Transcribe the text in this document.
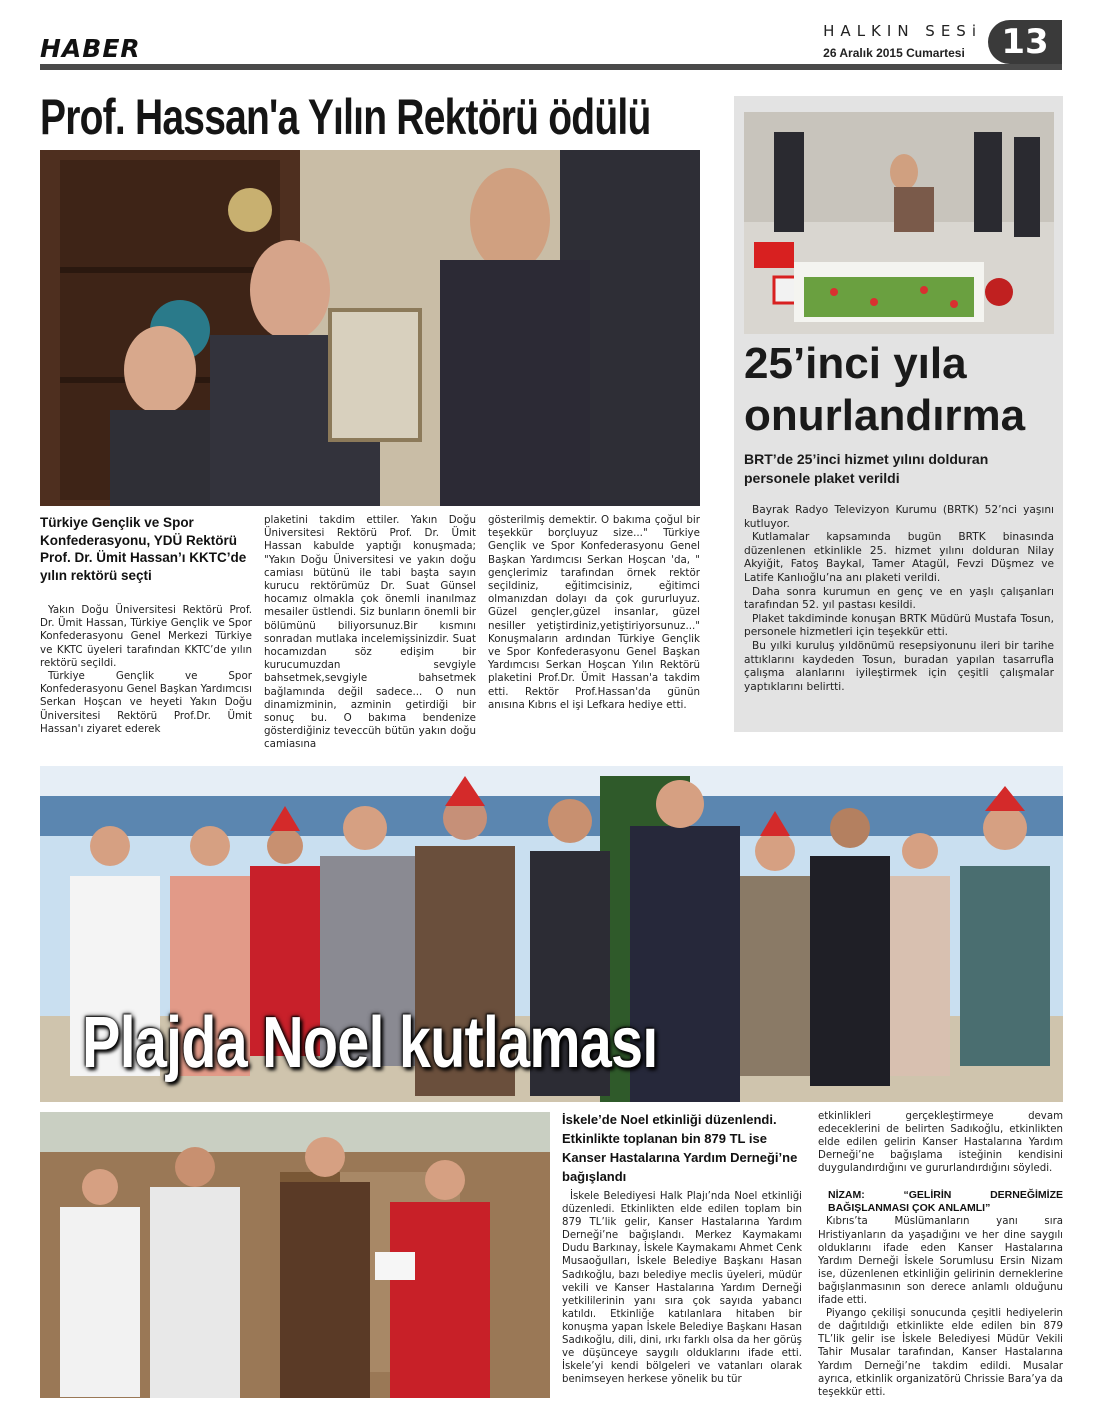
HABER
HALKIN SESi
26 Aralık 2015 Cumartesi	13
Prof. Hassan'a Yılın Rektörü ödülü
Türkiye Gençlik ve Spor Konfederasyonu, YDÜ Rektörü Prof. Dr. Ümit Hassan’ı KKTC’de yılın rektörü seçti

Yakın Doğu Üniversitesi Rektörü Prof. Dr. Ümit Hassan, Türkiye Gençlik ve Spor Konfederasyonu Genel Merkezi Türkiye ve KKTC üyeleri tarafından KKTC’de yılın rektörü seçildi.

Türkiye Gençlik ve Spor Konfederasyonu Genel Başkan Yardımcısı Serkan Hoşcan ve heyeti Yakın Doğu Üniversitesi Rektörü Prof.Dr. Ümit Hassan'ı ziyaret ederek

plaketini takdim ettiler. Yakın Doğu Üniversitesi Rektörü Prof. Dr. Ümit Hassan kabulde yaptığı konuşmada; "Yakın Doğu Üniversitesi ve yakın doğu camiası bütünü ile tabi başta sayın kurucu rektörümüz Dr. Suat Günsel hocamız olmakla çok önemli inanılmaz mesailer üstlendi. Siz bunların önemli bir bölümünü biliyorsunuz.Bir kısmını sonradan mutlaka incelemişsinizdir. Suat hocamızdan söz edişim bir kurucumuzdan sevgiyle bahsetmek,sevgiyle bahsetmek bağlamında değil sadece... O nun dinamizminin, azminin getirdiği bir sonuç bu. O bakıma bendenize gösterdiğiniz teveccüh bütün yakın doğu camiasına

gösterilmiş demektir. O bakıma çoğul bir teşekkür borçluyuz size..." Türkiye Gençlik ve Spor Konfederasyonu Genel Başkan Yardımcısı Serkan Hoşcan 'da, " gençlerimiz tarafından örnek rektör seçildiniz, eğitimcisiniz, eğitimci olmanızdan dolayı da çok gururluyuz. Güzel gençler,güzel insanlar, güzel nesiller yetiştirdiniz,yetiştiriyorsunuz..." Konuşmaların ardından Türkiye Gençlik ve Spor Konfederasyonu Genel Başkan Yardımcısı Serkan Hoşcan Yılın Rektörü plaketini Prof.Dr. Ümit Hassan'a takdim etti. Rektör Prof.Hassan'da günün anısına Kıbrıs el işi Lefkara hediye etti.

25’inci yıla
onurlandırma
BRT’de 25’inci hizmet yılını dolduran personele plaket verildi

Bayrak Radyo Televizyon Kurumu (BRTK) 52’nci yaşını kutluyor.

Kutlamalar kapsamında bugün BRTK binasında düzenlenen etkinlikle 25. hizmet yılını dolduran Nilay Akyiğit, Fatoş Baykal, Tamer Atagül, Fevzi Düşmez ve Latife Kanlıoğlu’na anı plaketi verildi.

Daha sonra kurumun en genç ve en yaşlı çalışanları tarafından 52. yıl pastası kesildi.

Plaket takdiminde konuşan BRTK Müdürü Mustafa Tosun, personele hizmetleri için teşekkür etti.

Bu yılki kuruluş yıldönümü resepsiyonunu ileri bir tarihe attıklarını kaydeden Tosun, buradan yapılan tasarrufla çalışma alanlarını iyileştirmek için çeşitli çalışmalar yaptıklarını belirtti.

Plajda Noel kutlaması
İskele’de Noel etkinliği düzenlendi. Etkinlikte toplanan bin 879 TL ise Kanser Hastalarına Yardım Derneği’ne bağışlandı

İskele Belediyesi Halk Plajı’nda Noel etkinliği düzenledi. Etkinlikten elde edilen toplam bin 879 TL’lik gelir, Kanser Hastalarına Yardım Derneği’ne bağışlandı. Merkez Kaymakamı Dudu Barkınay, İskele Kaymakamı Ahmet Cenk Musaoğulları, İskele Belediye Başkanı Hasan Sadıkoğlu, bazı belediye meclis üyeleri, müdür vekili ve Kanser Hastalarına Yardım Derneği yetkililerinin yanı sıra çok sayıda yabancı katıldı. Etkinliğe katılanlara hitaben bir konuşma yapan İskele Belediye Başkanı Hasan Sadıkoğlu, dili, dini, ırkı farklı olsa da her görüş ve düşünceye saygılı olduklarını ifade etti. İskele’yi kendi bölgeleri ve vatanları olarak benimseyen herkese yönelik bu tür

etkinlikleri gerçekleştirmeye devam edeceklerini de belirten Sadıkoğlu, etkinlikten elde edilen gelirin Kanser Hastalarına Yardım Derneği’ne bağışlama isteğinin kendisini duygulandırdığını ve gururlandırdığını söyledi.

NİZAM: “GELİRİN DERNEĞİMİZE BAĞIŞLANMASI ÇOK ANLAMLI”

Kıbrıs’ta Müslümanların yanı sıra Hristiyanların da yaşadığını ve her dine saygılı olduklarını ifade eden Kanser Hastalarına Yardım Derneği İskele Sorumlusu Ersin Nizam ise, düzenlenen etkinliğin gelirinin derneklerine bağışlanmasının son derece anlamlı olduğunu ifade etti.

Piyango çekilişi sonucunda çeşitli hediyelerin de dağıtıldığı etkinlikte elde edilen bin 879 TL’lik gelir ise İskele Belediyesi Müdür Vekili Tahir Musalar tarafından, Kanser Hastalarına Yardım Derneği’ne takdim edildi. Musalar ayrıca, etkinlik organizatörü Chrissie Bara’ya da teşekkür etti.
